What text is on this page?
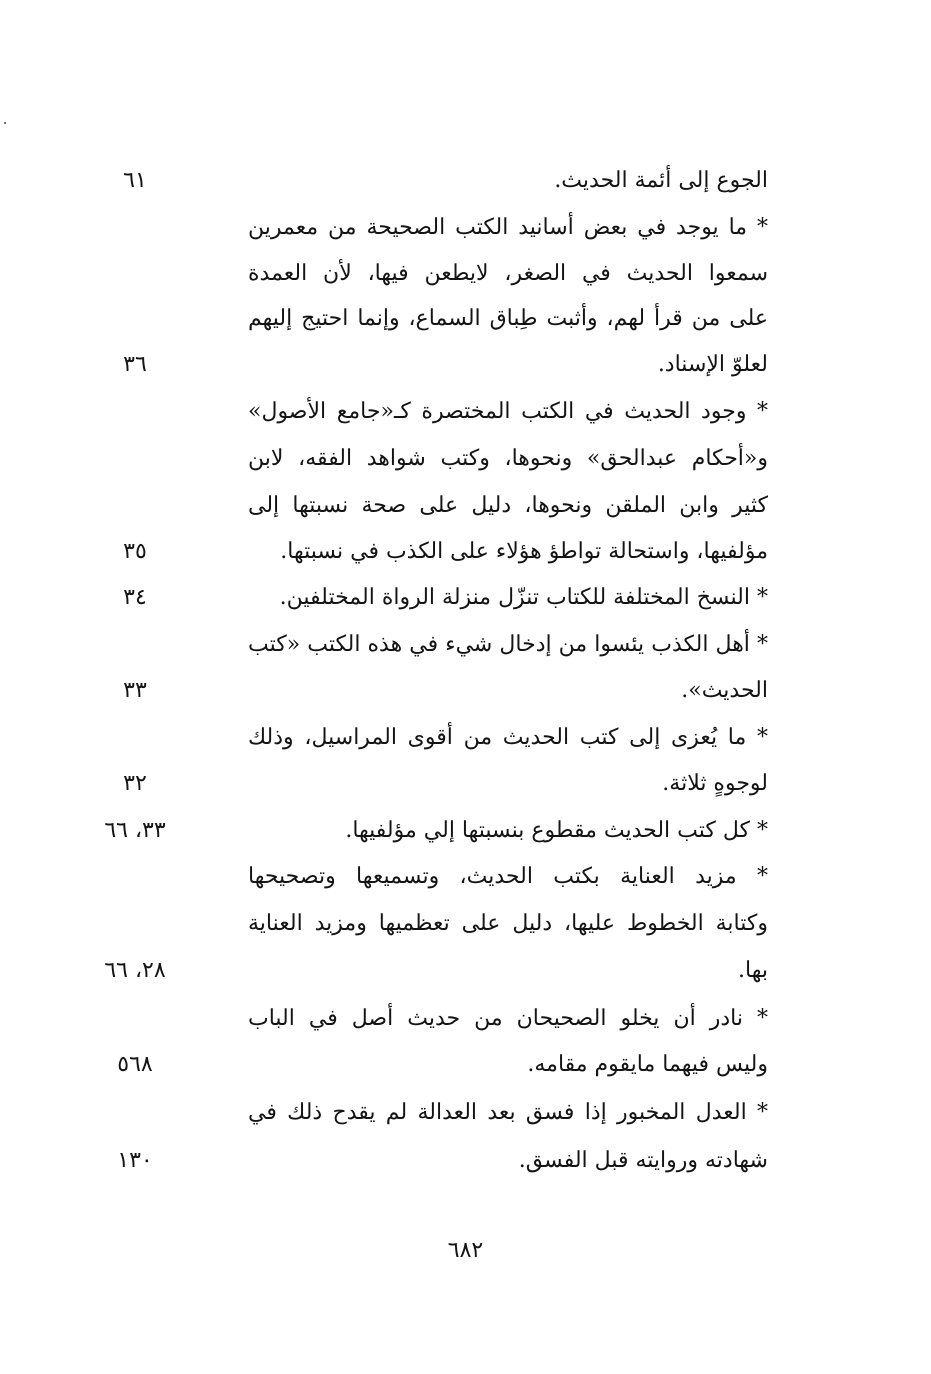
الجوع إلى أئمة الحديث.
٦١
* ما يوجد في بعض أسانيد الكتب الصحيحة من معمرين
سمعوا الحديث في الصغر، لايطعن فيها، لأن العمدة
على من قرأ لهم، وأثبت طِباق السماع، وإنما احتيج إليهم
لعلوّ الإسناد.
٣٦
* وجود الحديث في الكتب المختصرة كـ«جامع الأصول»
و«أحكام عبدالحق» ونحوها، وكتب شواهد الفقه، لابن
كثير وابن الملقن ونحوها، دليل على صحة نسبتها إلى
مؤلفيها، واستحالة تواطؤ هؤلاء على الكذب في نسبتها.
٣٥
* النسخ المختلفة للكتاب تنزّل منزلة الرواة المختلفين.
٣٤
* أهل الكذب يئسوا من إدخال شيء في هذه الكتب «كتب
الحديث».
٣٣
* ما يُعزى إلى كتب الحديث من أقوى المراسيل، وذلك
لوجوهٍ ثلاثة.
٣٢
* كل كتب الحديث مقطوع بنسبتها إلي مؤلفيها.
٣٣، ٦٦
* مزيد العناية بكتب الحديث، وتسميعها وتصحيحها
وكتابة الخطوط عليها، دليل على تعظميها ومزيد العناية
بها.
٢٨، ٦٦
* نادر أن يخلو الصحيحان من حديث أصل في الباب
وليس فيهما مايقوم مقامه.
٥٦٨
* العدل المخبور إذا فسق بعد العدالة لم يقدح ذلك في
شهادته وروايته قبل الفسق.
١٣٠
٦٨٢
